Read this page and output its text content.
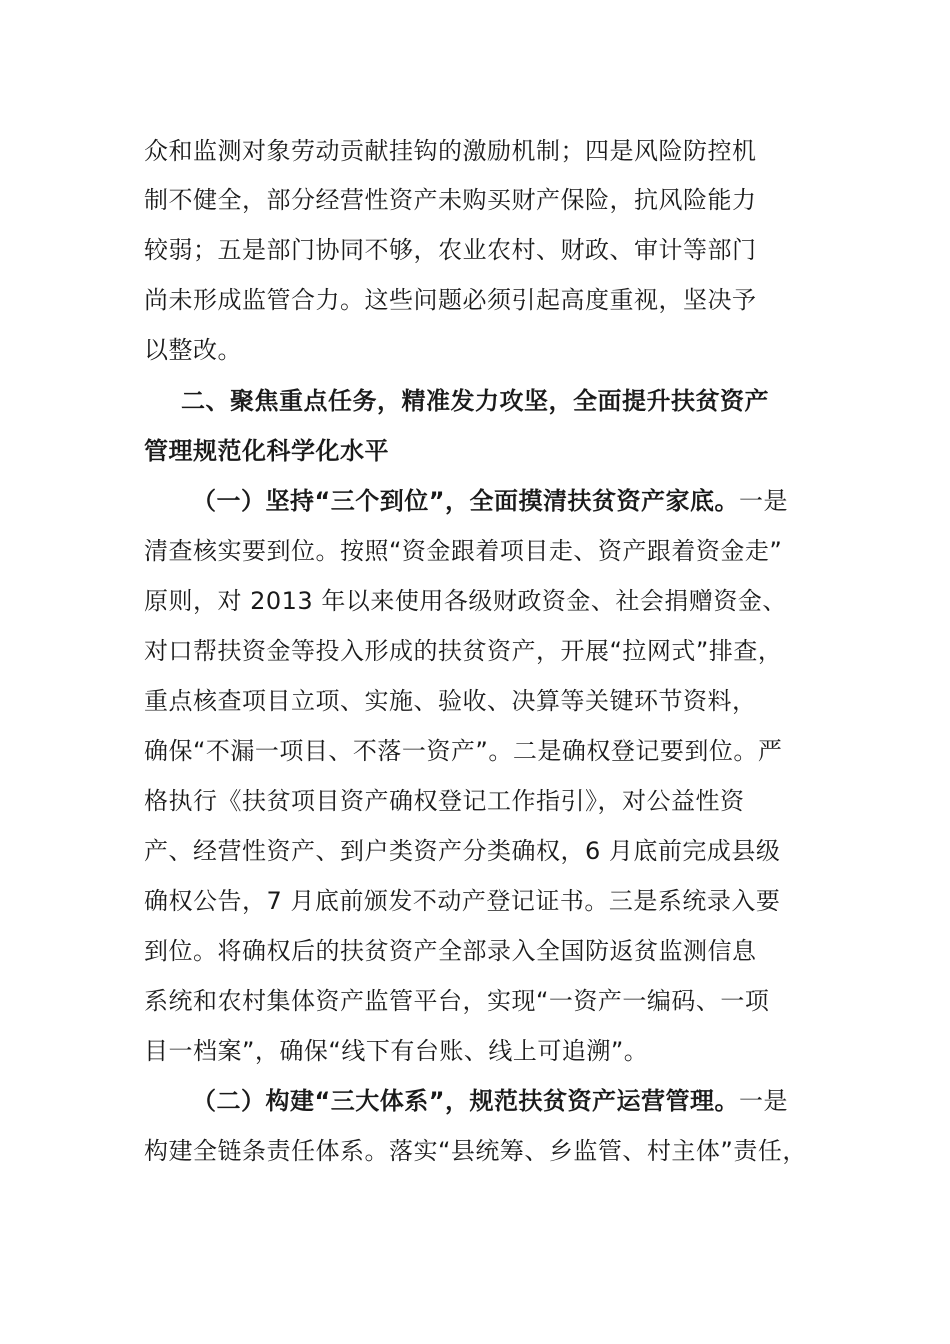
众和监测对象劳动贡献挂钩的激励机制；四是风险防控机
制不健全，部分经营性资产未购买财产保险，抗风险能力
较弱；五是部门协同不够，农业农村、财政、审计等部门
尚未形成监管合力。这些问题必须引起高度重视，坚决予
以整改。
二、聚焦重点任务，精准发力攻坚，全面提升扶贫资产
管理规范化科学化水平
（一）坚持“三个到位”，全面摸清扶贫资产家底。一是
清查核实要到位。按照“资金跟着项目走、资产跟着资金走”
原则，对 2013 年以来使用各级财政资金、社会捐赠资金、
对口帮扶资金等投入形成的扶贫资产，开展“拉网式”排查，
重点核查项目立项、实施、验收、决算等关键环节资料，
确保“不漏一项目、不落一资产”。二是确权登记要到位。严
格执行《扶贫项目资产确权登记工作指引》，对公益性资
产、经营性资产、到户类资产分类确权，6 月底前完成县级
确权公告，7 月底前颁发不动产登记证书。三是系统录入要
到位。将确权后的扶贫资产全部录入全国防返贫监测信息
系统和农村集体资产监管平台，实现“一资产一编码、一项
目一档案”，确保“线下有台账、线上可追溯”。
（二）构建“三大体系”，规范扶贫资产运营管理。一是
构建全链条责任体系。落实“县统筹、乡监管、村主体”责任，
